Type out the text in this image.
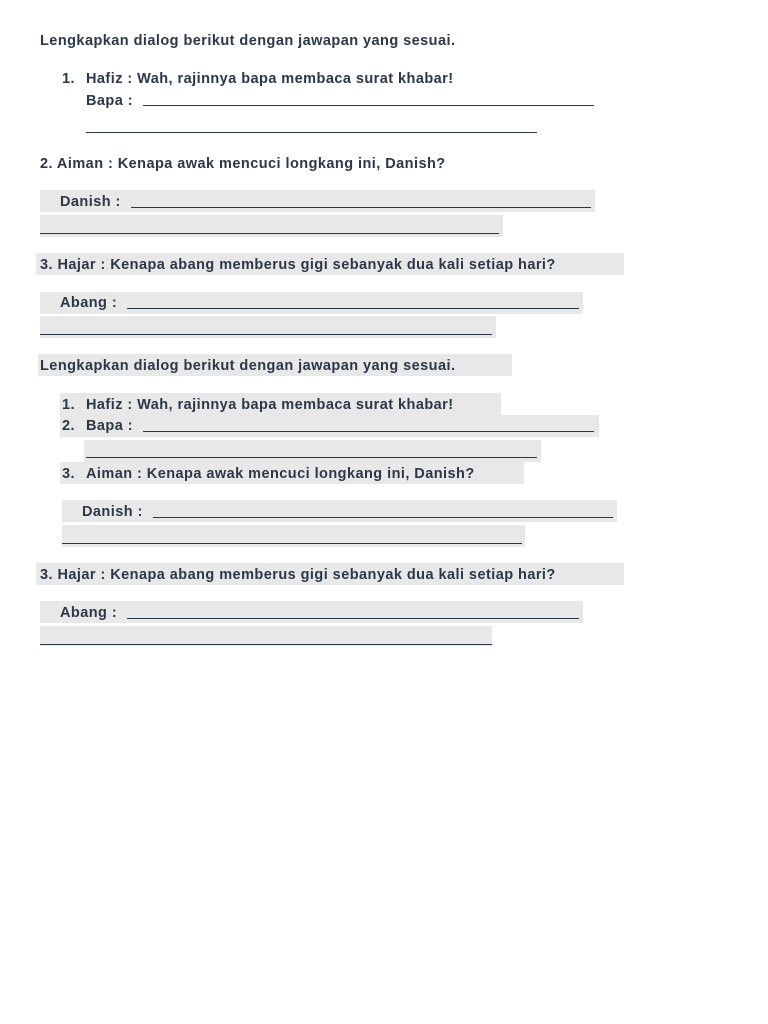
Lengkapkan dialog berikut dengan jawapan yang sesuai.
1. Hafiz : Wah, rajinnya bapa membaca surat khabar!
Bapa :
2. Aiman : Kenapa awak mencuci longkang ini, Danish?
Danish :
3. Hajar : Kenapa abang memberus gigi sebanyak dua kali setiap hari?
Abang :
Lengkapkan dialog berikut dengan jawapan yang sesuai.
1. Hafiz : Wah, rajinnya bapa membaca surat khabar!
2. Bapa :
3. Aiman : Kenapa awak mencuci longkang ini, Danish?
Danish :
3. Hajar : Kenapa abang memberus gigi sebanyak dua kali setiap hari?
Abang :
